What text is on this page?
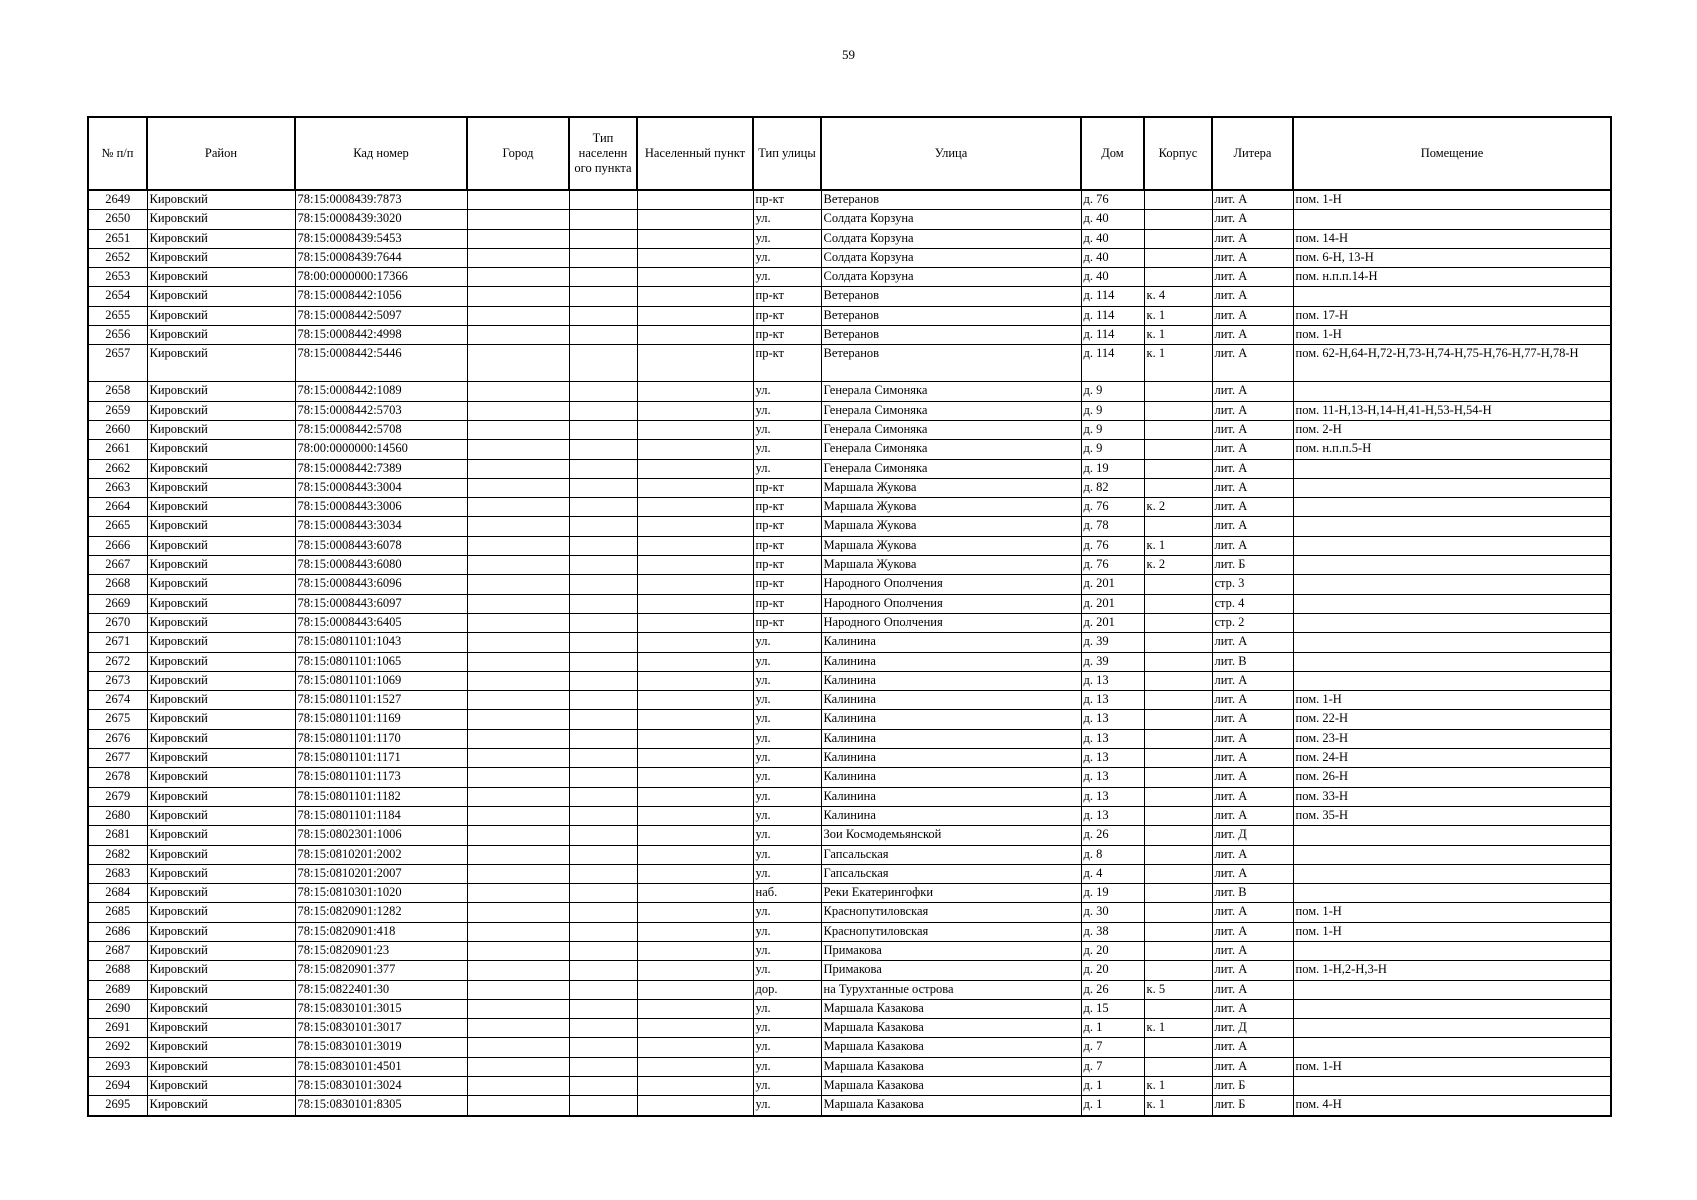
59
№ п/п	Район	Кад номер	Город	Тип населенн ого пункта	Населенный пункт	Тип улицы	Улица	Дом	Корпус	Литера	Помещение
2649	Кировский	78:15:0008439:7873				пр-кт	Ветеранов	д. 76		лит. А	пом. 1-Н
2650	Кировский	78:15:0008439:3020				ул.	Солдата Корзуна	д. 40		лит. А	
2651	Кировский	78:15:0008439:5453				ул.	Солдата Корзуна	д. 40		лит. А	пом. 14-Н
2652	Кировский	78:15:0008439:7644				ул.	Солдата Корзуна	д. 40		лит. А	пом. 6-Н, 13-Н
2653	Кировский	78:00:0000000:17366				ул.	Солдата Корзуна	д. 40		лит. А	пом. н.п.п.14-Н
2654	Кировский	78:15:0008442:1056				пр-кт	Ветеранов	д. 114	к. 4	лит. А	
2655	Кировский	78:15:0008442:5097				пр-кт	Ветеранов	д. 114	к. 1	лит. А	пом. 17-Н
2656	Кировский	78:15:0008442:4998				пр-кт	Ветеранов	д. 114	к. 1	лит. А	пом. 1-Н
2657	Кировский	78:15:0008442:5446				пр-кт	Ветеранов	д. 114	к. 1	лит. А	пом. 62-Н,64-Н,72-Н,73-Н,74-Н,75-Н,76-Н,77-Н,78-Н
2658	Кировский	78:15:0008442:1089				ул.	Генерала Симоняка	д. 9		лит. А	
2659	Кировский	78:15:0008442:5703				ул.	Генерала Симоняка	д. 9		лит. А	пом. 11-Н,13-Н,14-Н,41-Н,53-Н,54-Н
2660	Кировский	78:15:0008442:5708				ул.	Генерала Симоняка	д. 9		лит. А	пом. 2-Н
2661	Кировский	78:00:0000000:14560				ул.	Генерала Симоняка	д. 9		лит. А	пом. н.п.п.5-Н
2662	Кировский	78:15:0008442:7389				ул.	Генерала Симоняка	д. 19		лит. А	
2663	Кировский	78:15:0008443:3004				пр-кт	Маршала Жукова	д. 82		лит. А	
2664	Кировский	78:15:0008443:3006				пр-кт	Маршала Жукова	д. 76	к. 2	лит. А	
2665	Кировский	78:15:0008443:3034				пр-кт	Маршала Жукова	д. 78		лит. А	
2666	Кировский	78:15:0008443:6078				пр-кт	Маршала Жукова	д. 76	к. 1	лит. А	
2667	Кировский	78:15:0008443:6080				пр-кт	Маршала Жукова	д. 76	к. 2	лит. Б	
2668	Кировский	78:15:0008443:6096				пр-кт	Народного Ополчения	д. 201		стр. 3	
2669	Кировский	78:15:0008443:6097				пр-кт	Народного Ополчения	д. 201		стр. 4	
2670	Кировский	78:15:0008443:6405				пр-кт	Народного Ополчения	д. 201		стр. 2	
2671	Кировский	78:15:0801101:1043				ул.	Калинина	д. 39		лит. А	
2672	Кировский	78:15:0801101:1065				ул.	Калинина	д. 39		лит. В	
2673	Кировский	78:15:0801101:1069				ул.	Калинина	д. 13		лит. А	
2674	Кировский	78:15:0801101:1527				ул.	Калинина	д. 13		лит. А	пом. 1-Н
2675	Кировский	78:15:0801101:1169				ул.	Калинина	д. 13		лит. А	пом. 22-Н
2676	Кировский	78:15:0801101:1170				ул.	Калинина	д. 13		лит. А	пом. 23-Н
2677	Кировский	78:15:0801101:1171				ул.	Калинина	д. 13		лит. А	пом. 24-Н
2678	Кировский	78:15:0801101:1173				ул.	Калинина	д. 13		лит. А	пом. 26-Н
2679	Кировский	78:15:0801101:1182				ул.	Калинина	д. 13		лит. А	пом. 33-Н
2680	Кировский	78:15:0801101:1184				ул.	Калинина	д. 13		лит. А	пом. 35-Н
2681	Кировский	78:15:0802301:1006				ул.	Зои Космодемьянской	д. 26		лит. Д	
2682	Кировский	78:15:0810201:2002				ул.	Гапсальская	д. 8		лит. А	
2683	Кировский	78:15:0810201:2007				ул.	Гапсальская	д. 4		лит. А	
2684	Кировский	78:15:0810301:1020				наб.	Реки Екатерингофки	д. 19		лит. В	
2685	Кировский	78:15:0820901:1282				ул.	Краснопутиловская	д. 30		лит. А	пом. 1-Н
2686	Кировский	78:15:0820901:418				ул.	Краснопутиловская	д. 38		лит. А	пом. 1-Н
2687	Кировский	78:15:0820901:23				ул.	Примакова	д. 20		лит. А	
2688	Кировский	78:15:0820901:377				ул.	Примакова	д. 20		лит. А	пом. 1-Н,2-Н,3-Н
2689	Кировский	78:15:0822401:30				дор.	на Турухтанные острова	д. 26	к. 5	лит. А	
2690	Кировский	78:15:0830101:3015				ул.	Маршала Казакова	д. 15		лит. А	
2691	Кировский	78:15:0830101:3017				ул.	Маршала Казакова	д. 1	к. 1	лит. Д	
2692	Кировский	78:15:0830101:3019				ул.	Маршала Казакова	д. 7		лит. А	
2693	Кировский	78:15:0830101:4501				ул.	Маршала Казакова	д. 7		лит. А	пом. 1-Н
2694	Кировский	78:15:0830101:3024				ул.	Маршала Казакова	д. 1	к. 1	лит. Б	
2695	Кировский	78:15:0830101:8305				ул.	Маршала Казакова	д. 1	к. 1	лит. Б	пом. 4-Н
